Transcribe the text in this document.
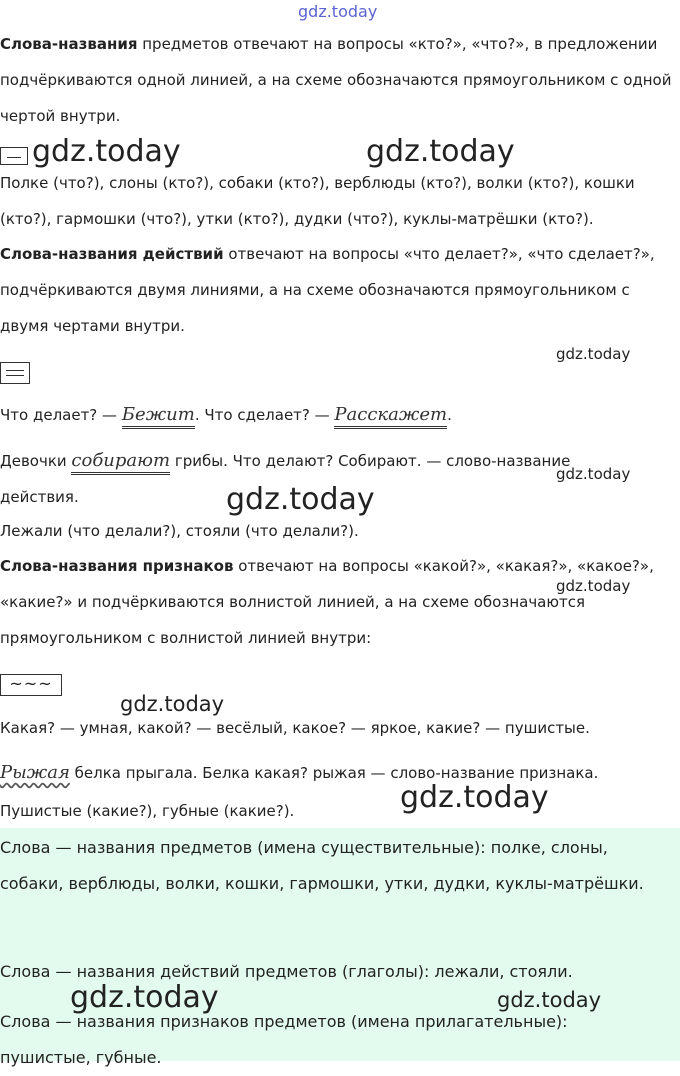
gdz.today

Слова-названия предметов отвечают на вопросы «кто?», «что?», в предложении подчёркиваются одной линией, а на схеме обозначаются прямоугольником с одной чертой внутри.

gdz.today	gdz.today

Полке (что?), слоны (кто?), собаки (кто?), верблюды (кто?), волки (кто?), кошки (кто?), гармошки (что?), утки (кто?), дудки (что?), куклы-матрёшки (кто?).

Слова-названия действий отвечают на вопросы «что делает?», «что сделает?», подчёркиваются двумя линиями, а на схеме обозначаются прямоугольником с двумя чертами внутри.

gdz.today

Что делает? — Бежит. Что сделает? — Расскажет.

Девочки собирают грибы. Что делают? Собирают. — слово-название действия.

gdz.today
gdz.today

Лежали (что делали?), стояли (что делали?).

Слова-названия признаков отвечают на вопросы «какой?», «какая?», «какое?», «какие?» и подчёркиваются волнистой линией, а на схеме обозначаются прямоугольником с волнистой линией внутри:

gdz.today
~~~
gdz.today

Какая? — умная, какой? — весёлый, какое? — яркое, какие? — пушистые.

Рыжая белка прыгала. Белка какая? рыжая — слово-название признака.

gdz.today

Пушистые (какие?), губные (какие?).

Слова — названия предметов (имена существительные): полке, слоны, собаки, верблюды, волки, кошки, гармошки, утки, дудки, куклы-матрёшки.

Слова — названия действий предметов (глаголы): лежали, стояли.

Слова — названия признаков предметов (имена прилагательные):

пушистые, губные.

gdz.today	gdz.today
